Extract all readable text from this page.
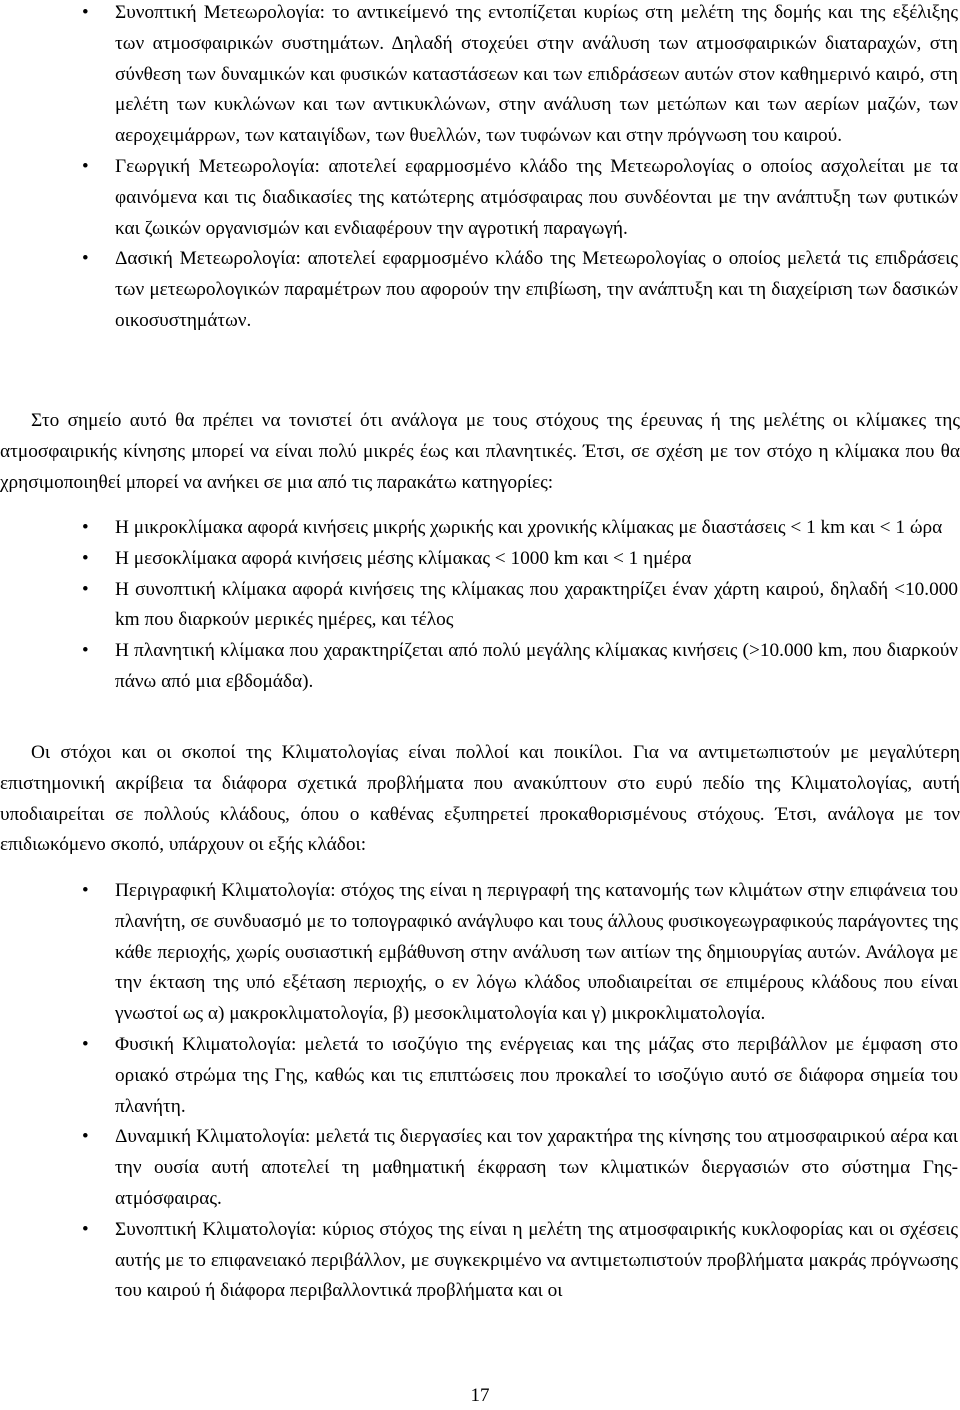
• Συνοπτική Μετεωρολογία: το αντικείμενό της εντοπίζεται κυρίως στη μελέτη της δομής και της εξέλιξης των ατμοσφαιρικών συστημάτων. Δηλαδή στοχεύει στην ανάλυση των ατμοσφαιρικών διαταραχών, στη σύνθεση των δυναμικών και φυσικών καταστάσεων και των επιδράσεων αυτών στον καθημερινό καιρό, στη μελέτη των κυκλώνων και των αντικυκλώνων, στην ανάλυση των μετώπων και των αερίων μαζών, των αεροχειμάρρων, των καταιγίδων, των θυελλών, των τυφώνων και στην πρόγνωση του καιρού.
• Γεωργική Μετεωρολογία: αποτελεί εφαρμοσμένο κλάδο της Μετεωρολογίας ο οποίος ασχολείται με τα φαινόμενα και τις διαδικασίες της κατώτερης ατμόσφαιρας που συνδέονται με την ανάπτυξη των φυτικών και ζωικών οργανισμών και ενδιαφέρουν την αγροτική παραγωγή.
• Δασική Μετεωρολογία: αποτελεί εφαρμοσμένο κλάδο της Μετεωρολογίας ο οποίος μελετά τις επιδράσεις των μετεωρολογικών παραμέτρων που αφορούν την επιβίωση, την ανάπτυξη και τη διαχείριση των δασικών οικοσυστημάτων.

Στο σημείο αυτό θα πρέπει να τονιστεί ότι ανάλογα με τους στόχους της έρευνας ή της μελέτης οι κλίμακες της ατμοσφαιρικής κίνησης μπορεί να είναι πολύ μικρές έως και πλανητικές. Έτσι, σε σχέση με τον στόχο η κλίμακα που θα χρησιμοποιηθεί μπορεί να ανήκει σε μια από τις παρακάτω κατηγορίες:

• Η μικροκλίμακα αφορά κινήσεις μικρής χωρικής και χρονικής κλίμακας με διαστάσεις < 1 km και < 1 ώρα
• Η μεσοκλίμακα αφορά κινήσεις μέσης κλίμακας < 1000 km και < 1 ημέρα
• Η συνοπτική κλίμακα αφορά κινήσεις της κλίμακας που χαρακτηρίζει έναν χάρτη καιρού, δηλαδή <10.000 km που διαρκούν μερικές ημέρες, και τέλος
• Η πλανητική κλίμακα που χαρακτηρίζεται από πολύ μεγάλης κλίμακας κινήσεις (>10.000 km, που διαρκούν πάνω από μια εβδομάδα).

Οι στόχοι και οι σκοποί της Κλιματολογίας είναι πολλοί και ποικίλοι. Για να αντιμετωπιστούν με μεγαλύτερη επιστημονική ακρίβεια τα διάφορα σχετικά προβλήματα που ανακύπτουν στο ευρύ πεδίο της Κλιματολογίας, αυτή υποδιαιρείται σε πολλούς κλάδους, όπου ο καθένας εξυπηρετεί προκαθορισμένους στόχους. Έτσι, ανάλογα με τον επιδιωκόμενο σκοπό, υπάρχουν οι εξής κλάδοι:

• Περιγραφική Κλιματολογία: στόχος της είναι η περιγραφή της κατανομής των κλιμάτων στην επιφάνεια του πλανήτη, σε συνδυασμό με το τοπογραφικό ανάγλυφο και τους άλλους φυσικογεωγραφικούς παράγοντες της κάθε περιοχής, χωρίς ουσιαστική εμβάθυνση στην ανάλυση των αιτίων της δημιουργίας αυτών. Ανάλογα με την έκταση της υπό εξέταση περιοχής, ο εν λόγω κλάδος υποδιαιρείται σε επιμέρους κλάδους που είναι γνωστοί ως α) μακροκλιματολογία, β) μεσοκλιματολογία και γ) μικροκλιματολογία.
• Φυσική Κλιματολογία: μελετά το ισοζύγιο της ενέργειας και της μάζας στο περιβάλλον με έμφαση στο οριακό στρώμα της Γης, καθώς και τις επιπτώσεις που προκαλεί το ισοζύγιο αυτό σε διάφορα σημεία του πλανήτη.
• Δυναμική Κλιματολογία: μελετά τις διεργασίες και τον χαρακτήρα της κίνησης του ατμοσφαιρικού αέρα και την ουσία αυτή αποτελεί τη μαθηματική έκφραση των κλιματικών διεργασιών στο σύστημα Γης-ατμόσφαιρας.
• Συνοπτική Κλιματολογία: κύριος στόχος της είναι η μελέτη της ατμοσφαιρικής κυκλοφορίας και οι σχέσεις αυτής με το επιφανειακό περιβάλλον, με συγκεκριμένο να αντιμετωπιστούν προβλήματα μακράς πρόγνωσης του καιρού ή διάφορα περιβαλλοντικά προβλήματα και οι
17
